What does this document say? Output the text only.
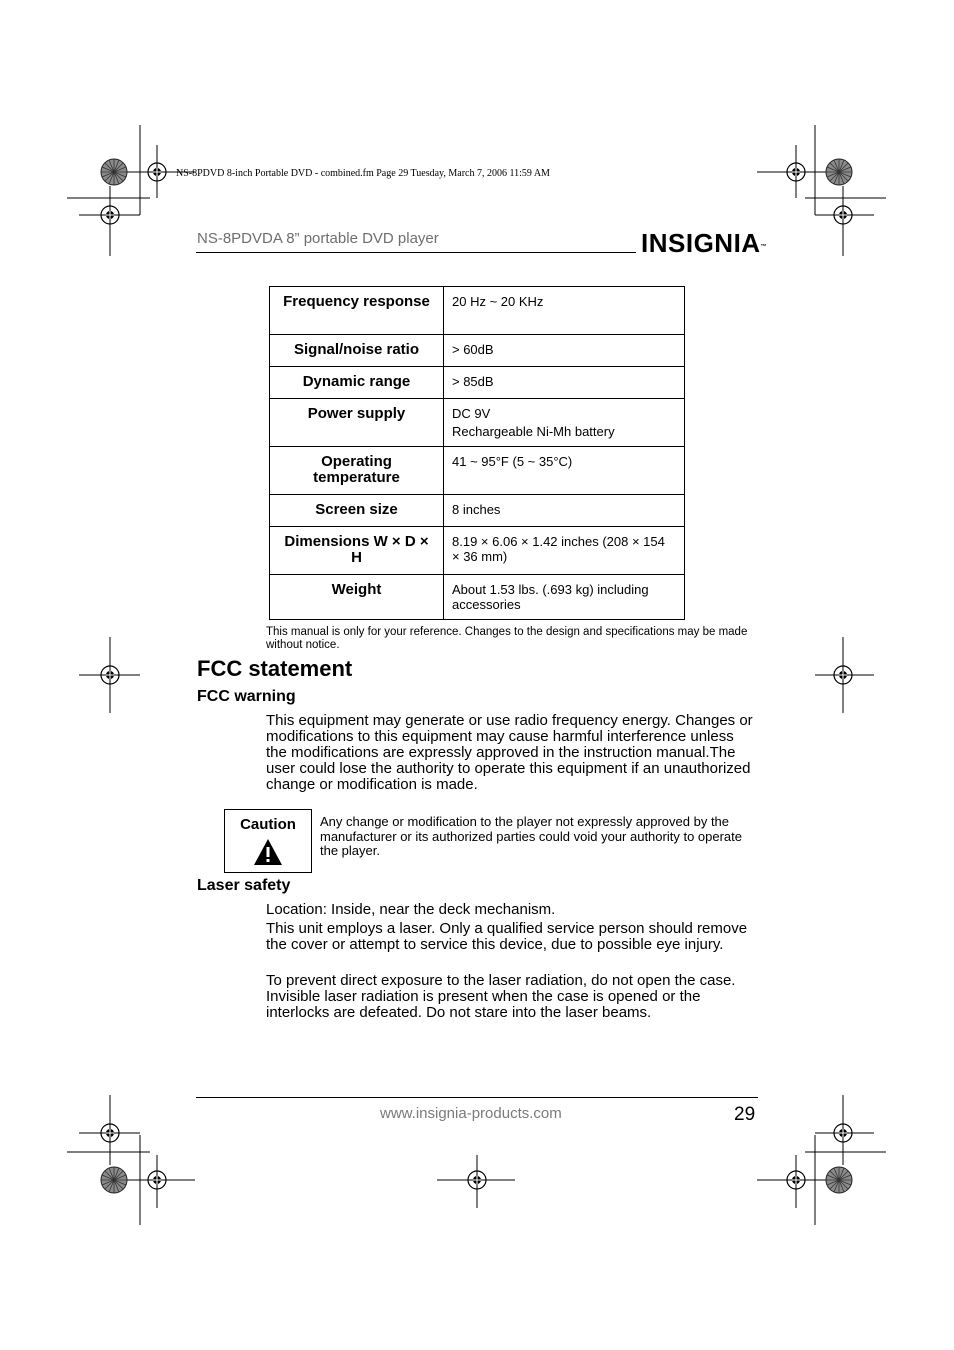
NS-8PDVD 8-inch Portable DVD - combined.fm Page 29 Tuesday, March 7, 2006 11:59 AM
NS-8PDVDA 8” portable DVD player	INSIGNIA™
Frequency response	20 Hz ~ 20 KHz
Signal/noise ratio	> 60dB
Dynamic range	> 85dB
Power supply	DC 9V
Rechargeable Ni-Mh battery

Operating temperature	41 ~ 95°F (5 ~ 35°C)
Screen size	8 inches
Dimensions W × D × H	8.19 × 6.06 × 1.42 inches (208 × 154 × 36 mm)
Weight	About 1.53 lbs. (.693 kg) including accessories
This manual is only for your reference. Changes to the design and specifications may be made without notice.
FCC statement
FCC warning
This equipment may generate or use radio frequency energy. Changes or modifications to this equipment may cause harmful interference unless the modifications are expressly approved in the instruction manual.The user could lose the authority to operate this equipment if an unauthorized change or modification is made.
Caution	Any change or modification to the player not expressly approved by the manufacturer or its authorized parties could void your authority to operate the player.
Laser safety
Location: Inside, near the deck mechanism.
This unit employs a laser. Only a qualified service person should remove the cover or attempt to service this device, due to possible eye injury.
To prevent direct exposure to the laser radiation, do not open the case. Invisible laser radiation is present when the case is opened or the interlocks are defeated. Do not stare into the laser beams.
www.insignia-products.com	29
